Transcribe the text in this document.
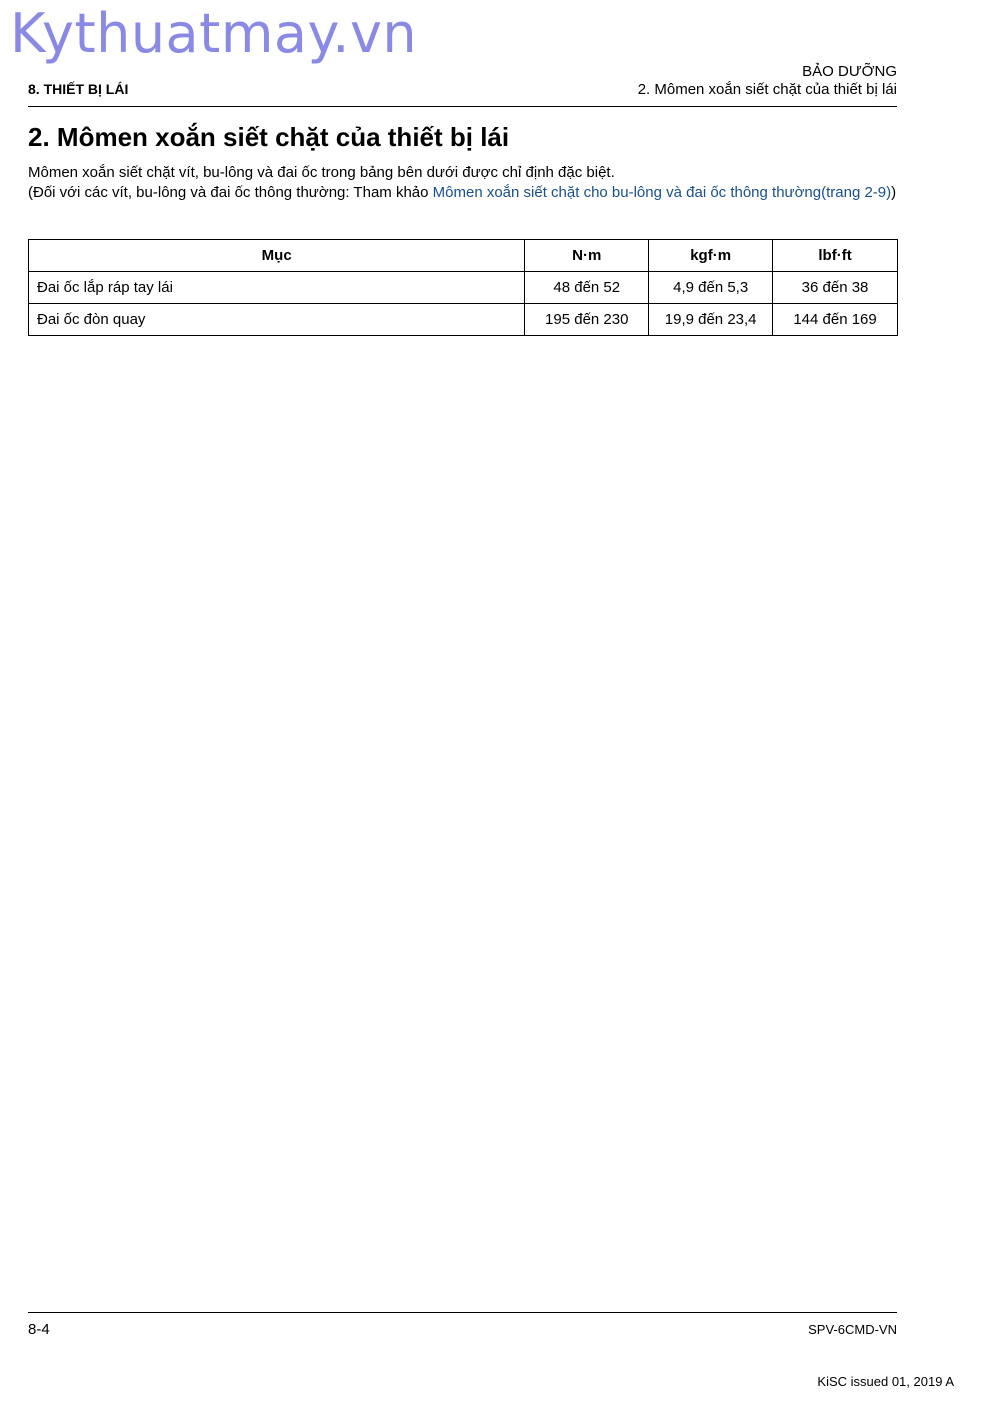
Kythuatmay.vn
8. THIẾT BỊ LÁI
BẢO DƯỠNG
2. Mômen xoắn siết chặt của thiết bị lái
2. Mômen xoắn siết chặt của thiết bị lái

Mômen xoắn siết chặt vít, bu-lông và đai ốc trong bảng bên dưới được chỉ định đặc biệt.

(Đối với các vít, bu-lông và đai ốc thông thường: Tham khảo Mômen xoắn siết chặt cho bu-lông và đai ốc thông thường(trang 2-9))

Mục	N·m	kgf·m	lbf·ft
Đai ốc lắp ráp tay lái	48 đến 52	4,9 đến 5,3	36 đến 38
Đai ốc đòn quay	195 đến 230	19,9 đến 23,4	144 đến 169
8-4	SPV-6CMD-VN
KiSC issued 01, 2019 A
